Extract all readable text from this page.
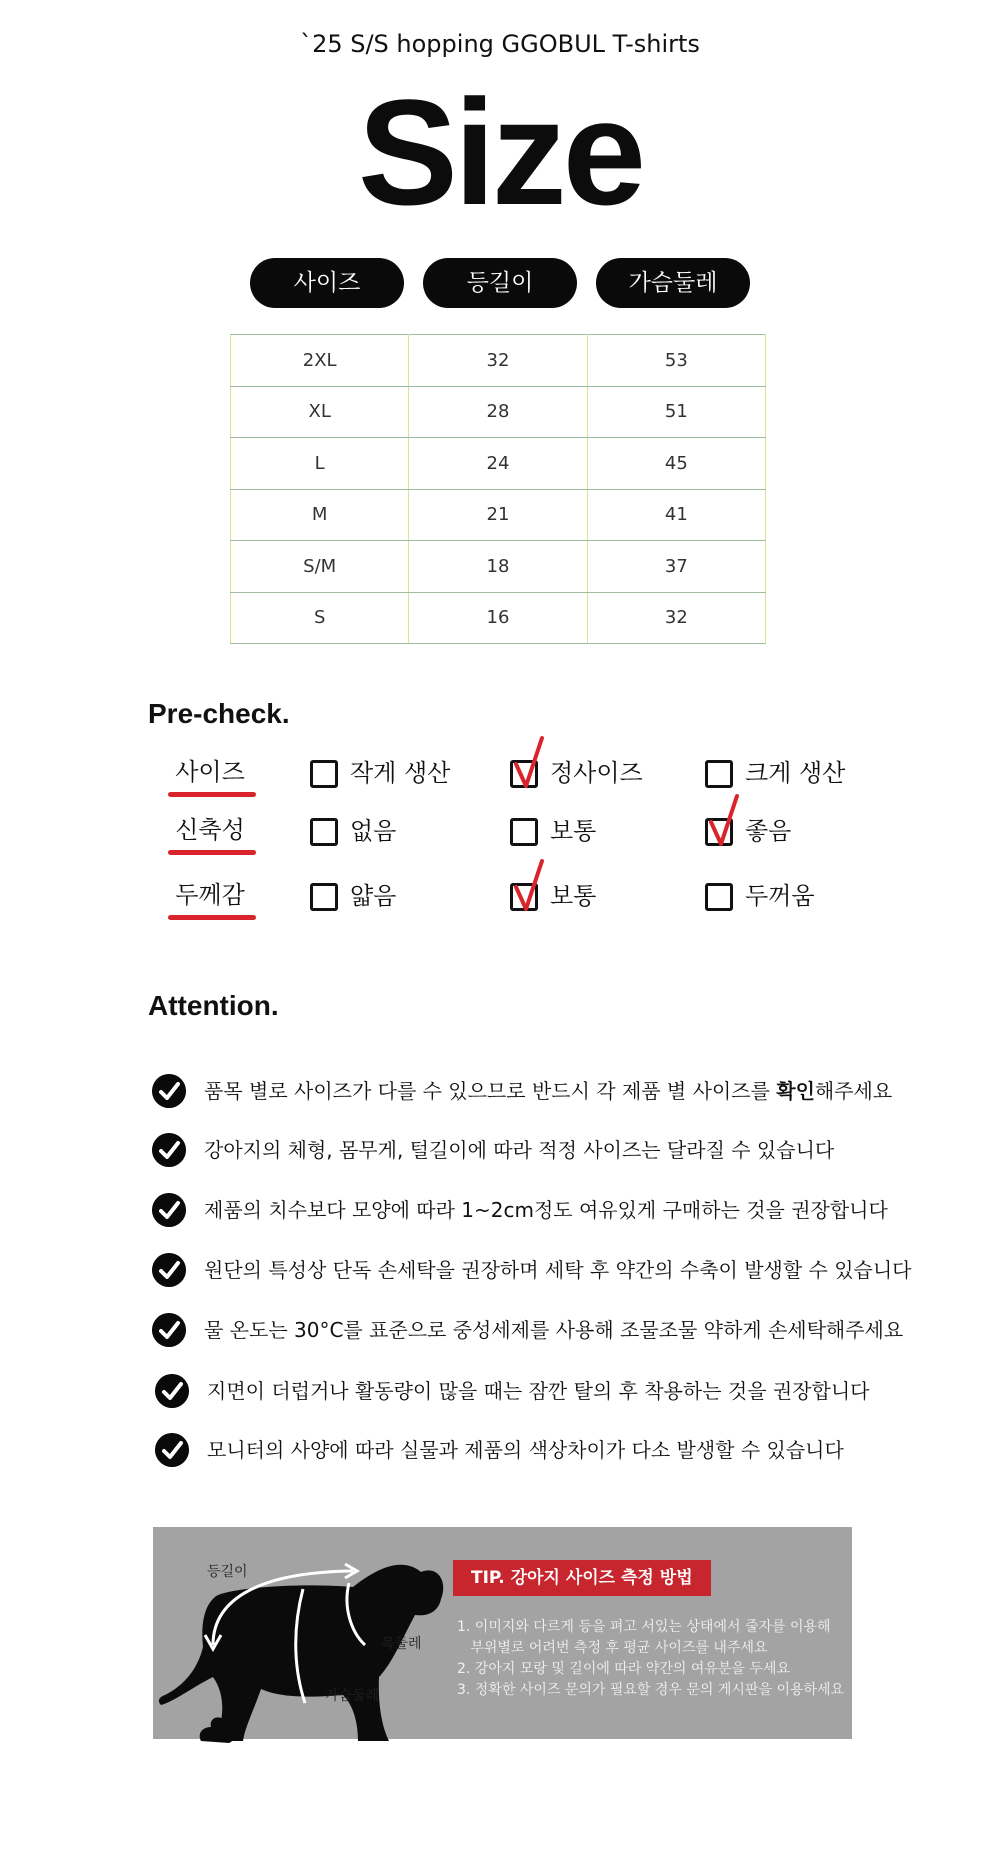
`25 S/S hopping GGOBUL T-shirts
Size
사이즈	등길이	가슴둘레
2XL	32	53
XL	28	51
L	24	45
M	21	41
S/M	18	37
S	16	32
Pre-check.
사이즈	작게 생산	정사이즈	크게 생산
신축성	없음	보통	좋음
두께감	얇음	보통	두꺼움
Attention.
품목 별로 사이즈가 다를 수 있으므로 반드시 각 제품 별 사이즈를 확인해주세요
강아지의 체형, 몸무게, 털길이에 따라 적정 사이즈는 달라질 수 있습니다
제품의 치수보다 모양에 따라 1~2cm정도 여유있게 구매하는 것을 권장합니다
원단의 특성상 단독 손세탁을 권장하며 세탁 후 약간의 수축이 발생할 수 있습니다
물 온도는 30°C를 표준으로 중성세제를 사용해 조물조물 약하게 손세탁해주세요
지면이 더럽거나 활동량이 많을 때는 잠깐 탈의 후 착용하는 것을 권장합니다
모니터의 사양에 따라 실물과 제품의 색상차이가 다소 발생할 수 있습니다
등길이
목둘레
가슴둘레
TIP. 강아지 사이즈 측정 방법
1. 이미지와 다르게 등을 펴고 서있는 상태에서 줄자를 이용해
부위별로 어려번 측정 후 평균 사이즈를 내주세요
2. 강아지 모랑 및 길이에 따라 약간의 여유분을 두세요
3. 정확한 사이즈 문의가 필요할 경우 문의 게시판을 이용하세요
